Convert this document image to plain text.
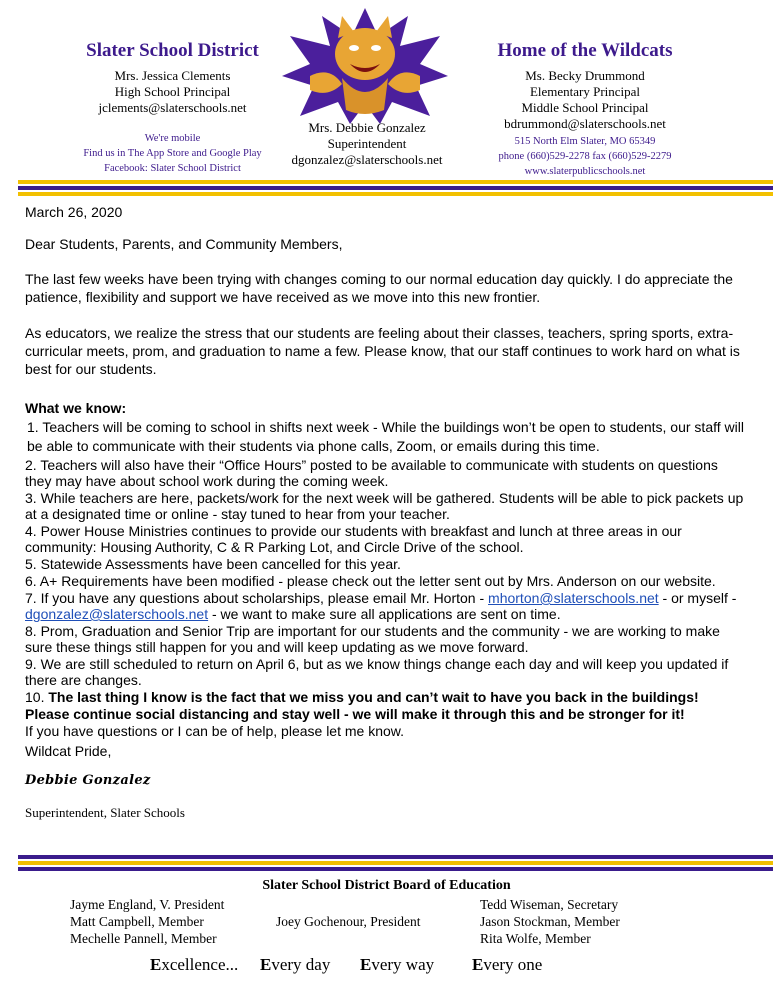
Slater School District
Mrs. Jessica Clements
High School Principal
jclements@slaterschools.net
We're mobile
Find us in The App Store and Google Play
Facebook: Slater School District
Mrs. Debbie Gonzalez
Superintendent
dgonzalez@slaterschools.net
Home of the Wildcats
Ms. Becky Drummond
Elementary Principal
Middle School Principal
bdrummond@slaterschools.net
515 North Elm Slater, MO 65349
phone (660)529-2278 fax (660)529-2279
www.slaterpublicschools.net
March 26, 2020
Dear Students, Parents, and Community Members,
The last few weeks have been trying with changes coming to our normal education day quickly. I do appreciate the patience, flexibility and support we have received as we move into this new frontier.
As educators, we realize the stress that our students are feeling about their classes, teachers, spring sports, extra-curricular meets, prom, and graduation to name a few. Please know, that our staff continues to work hard on what is best for our students.
What we know:

1. Teachers will be coming to school in shifts next week - While the buildings won’t be open to students, our staff will be able to communicate with their students via phone calls, Zoom, or emails during this time.

2. Teachers will also have their “Office Hours” posted to be available to communicate with students on questions they may have about school work during the coming week.

3. While teachers are here, packets/work for the next week will be gathered. Students will be able to pick packets up at a designated time or online - stay tuned to hear from your teacher.

4. Power House Ministries continues to provide our students with breakfast and lunch at three areas in our community: Housing Authority, C & R Parking Lot, and Circle Drive of the school.

5. Statewide Assessments have been cancelled for this year.

6. A+ Requirements have been modified - please check out the letter sent out by Mrs. Anderson on our website.

7. If you have any questions about scholarships, please email Mr. Horton - mhorton@slaterschools.net - or myself - dgonzalez@slaterschools.net - we want to make sure all applications are sent on time.

8. Prom, Graduation and Senior Trip are important for our students and the community - we are working to make sure these things still happen for you and will keep updating as we move forward.

9. We are still scheduled to return on April 6, but as we know things change each day and will keep you updated if there are changes.

10. The last thing I know is the fact that we miss you and can’t wait to have you back in the buildings!

Please continue social distancing and stay well - we will make it through this and be stronger for it!

If you have questions or I can be of help, please let me know.

Wildcat Pride,
Debbie Gonzalez
Superintendent, Slater Schools
Slater School District Board of Education
Jayme England, V. President
Matt Campbell, Member
Mechelle Pannell, Member
Joey Gochenour, President
Tedd Wiseman, Secretary
Jason Stockman, Member
Rita Wolfe, Member
Excellence... Every day Every way Every one
